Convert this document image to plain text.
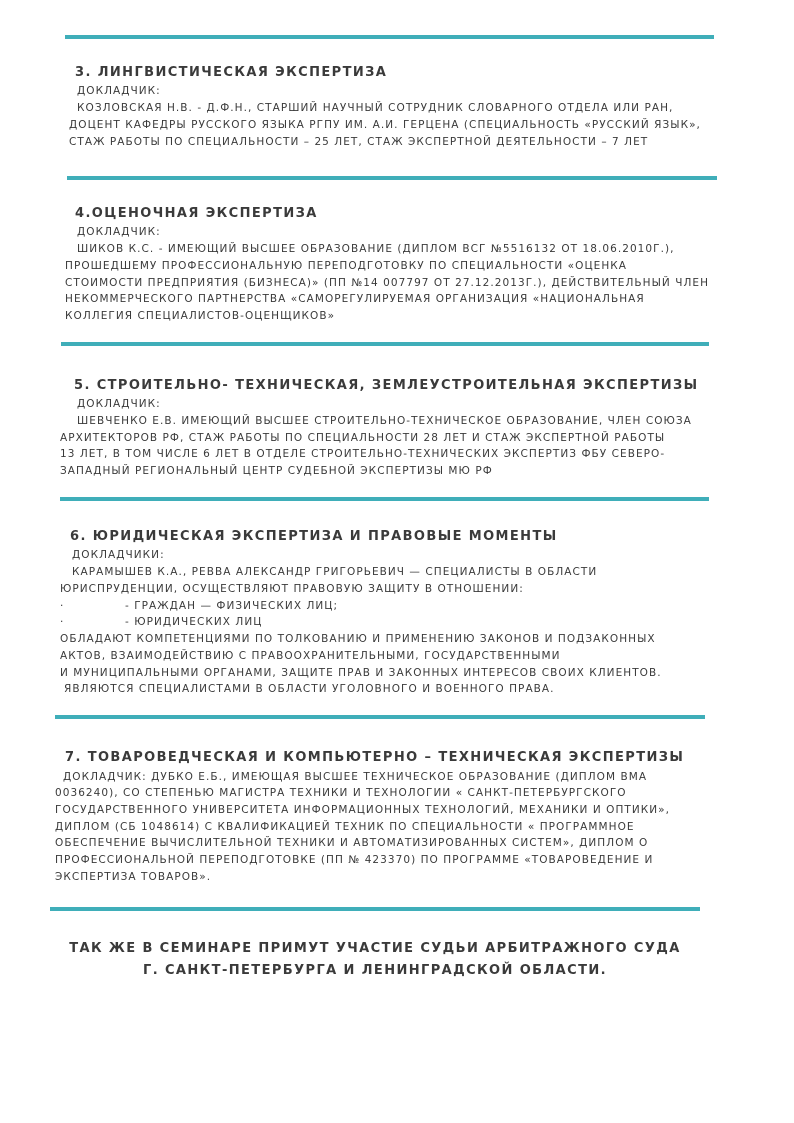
3. ЛИНГВИСТИЧЕСКАЯ ЭКСПЕРТИЗА
ДОКЛАДЧИК:
КОЗЛОВСКАЯ Н.В. - Д.Ф.Н., СТАРШИЙ НАУЧНЫЙ СОТРУДНИК СЛОВАРНОГО ОТДЕЛА ИЛИ РАН,
ДОЦЕНТ КАФЕДРЫ РУССКОГО ЯЗЫКА РГПУ ИМ. А.И. ГЕРЦЕНА (СПЕЦИАЛЬНОСТЬ «РУССКИЙ ЯЗЫК»,
СТАЖ РАБОТЫ ПО СПЕЦИАЛЬНОСТИ – 25 ЛЕТ, СТАЖ ЭКСПЕРТНОЙ ДЕЯТЕЛЬНОСТИ – 7 ЛЕТ
4.ОЦЕНОЧНАЯ ЭКСПЕРТИЗА
ДОКЛАДЧИК:
ШИКОВ К.С. - ИМЕЮЩИЙ ВЫСШЕЕ ОБРАЗОВАНИЕ (ДИПЛОМ ВСГ №5516132 ОТ 18.06.2010Г.),
ПРОШЕДШЕМУ ПРОФЕССИОНАЛЬНУЮ ПЕРЕПОДГОТОВКУ ПО СПЕЦИАЛЬНОСТИ «ОЦЕНКА
СТОИМОСТИ ПРЕДПРИЯТИЯ (БИЗНЕСА)» (ПП №14 007797 ОТ 27.12.2013Г.), ДЕЙСТВИТЕЛЬНЫЙ ЧЛЕН
НЕКОММЕРЧЕСКОГО ПАРТНЕРСТВА «САМОРЕГУЛИРУЕМАЯ ОРГАНИЗАЦИЯ «НАЦИОНАЛЬНАЯ
КОЛЛЕГИЯ СПЕЦИАЛИСТОВ-ОЦЕНЩИКОВ»
5. СТРОИТЕЛЬНО- ТЕХНИЧЕСКАЯ, ЗЕМЛЕУСТРОИТЕЛЬНАЯ ЭКСПЕРТИЗЫ
ДОКЛАДЧИК:
ШЕВЧЕНКО Е.В. ИМЕЮЩИЙ ВЫСШЕЕ СТРОИТЕЛЬНО-ТЕХНИЧЕСКОЕ ОБРАЗОВАНИЕ, ЧЛЕН СОЮЗА
АРХИТЕКТОРОВ РФ, СТАЖ РАБОТЫ ПО СПЕЦИАЛЬНОСТИ 28 ЛЕТ И СТАЖ ЭКСПЕРТНОЙ РАБОТЫ
13 ЛЕТ, В ТОМ ЧИСЛЕ 6 ЛЕТ В ОТДЕЛЕ СТРОИТЕЛЬНО-ТЕХНИЧЕСКИХ ЭКСПЕРТИЗ ФБУ СЕВЕРО-
ЗАПАДНЫЙ РЕГИОНАЛЬНЫЙ ЦЕНТР СУДЕБНОЙ ЭКСПЕРТИЗЫ МЮ РФ
6. ЮРИДИЧЕСКАЯ ЭКСПЕРТИЗА И ПРАВОВЫЕ МОМЕНТЫ
ДОКЛАДЧИКИ:
КАРАМЫШЕВ К.А., РЕВВА АЛЕКСАНДР ГРИГОРЬЕВИЧ — СПЕЦИАЛИСТЫ В ОБЛАСТИ
ЮРИСПРУДЕНЦИИ, ОСУЩЕСТВЛЯЮТ ПРАВОВУЮ ЗАЩИТУ В ОТНОШЕНИИ:
·	- ГРАЖДАН — ФИЗИЧЕСКИХ ЛИЦ;
·	- ЮРИДИЧЕСКИХ ЛИЦ
ОБЛАДАЮТ КОМПЕТЕНЦИЯМИ ПО ТОЛКОВАНИЮ И ПРИМЕНЕНИЮ ЗАКОНОВ И ПОДЗАКОННЫХ
АКТОВ, ВЗАИМОДЕЙСТВИЮ С ПРАВООХРАНИТЕЛЬНЫМИ, ГОСУДАРСТВЕННЫМИ
И МУНИЦИПАЛЬНЫМИ ОРГАНАМИ, ЗАЩИТЕ ПРАВ И ЗАКОННЫХ ИНТЕРЕСОВ СВОИХ КЛИЕНТОВ.
ЯВЛЯЮТСЯ СПЕЦИАЛИСТАМИ В ОБЛАСТИ УГОЛОВНОГО И ВОЕННОГО ПРАВА.
7. ТОВАРОВЕДЧЕСКАЯ И КОМПЬЮТЕРНО – ТЕХНИЧЕСКАЯ ЭКСПЕРТИЗЫ
ДОКЛАДЧИК: ДУБКО Е.Б., ИМЕЮЩАЯ ВЫСШЕЕ ТЕХНИЧЕСКОЕ ОБРАЗОВАНИЕ (ДИПЛОМ ВМА
0036240), СО СТЕПЕНЬЮ МАГИСТРА ТЕХНИКИ И ТЕХНОЛОГИИ « САНКТ-ПЕТЕРБУРГСКОГО
ГОСУДАРСТВЕННОГО УНИВЕРСИТЕТА ИНФОРМАЦИОННЫХ ТЕХНОЛОГИЙ, МЕХАНИКИ И ОПТИКИ»,
ДИПЛОМ (СБ 1048614) С КВАЛИФИКАЦИЕЙ ТЕХНИК ПО СПЕЦИАЛЬНОСТИ « ПРОГРАММНОЕ
ОБЕСПЕЧЕНИЕ ВЫЧИСЛИТЕЛЬНОЙ ТЕХНИКИ И АВТОМАТИЗИРОВАННЫХ СИСТЕМ», ДИПЛОМ О
ПРОФЕССИОНАЛЬНОЙ ПЕРЕПОДГОТОВКЕ (ПП № 423370) ПО ПРОГРАММЕ «ТОВАРОВЕДЕНИЕ И
ЭКСПЕРТИЗА ТОВАРОВ».
ТАК ЖЕ В СЕМИНАРЕ ПРИМУТ УЧАСТИЕ СУДЬИ АРБИТРАЖНОГО СУДА
Г. САНКТ-ПЕТЕРБУРГА И ЛЕНИНГРАДСКОЙ ОБЛАСТИ.
